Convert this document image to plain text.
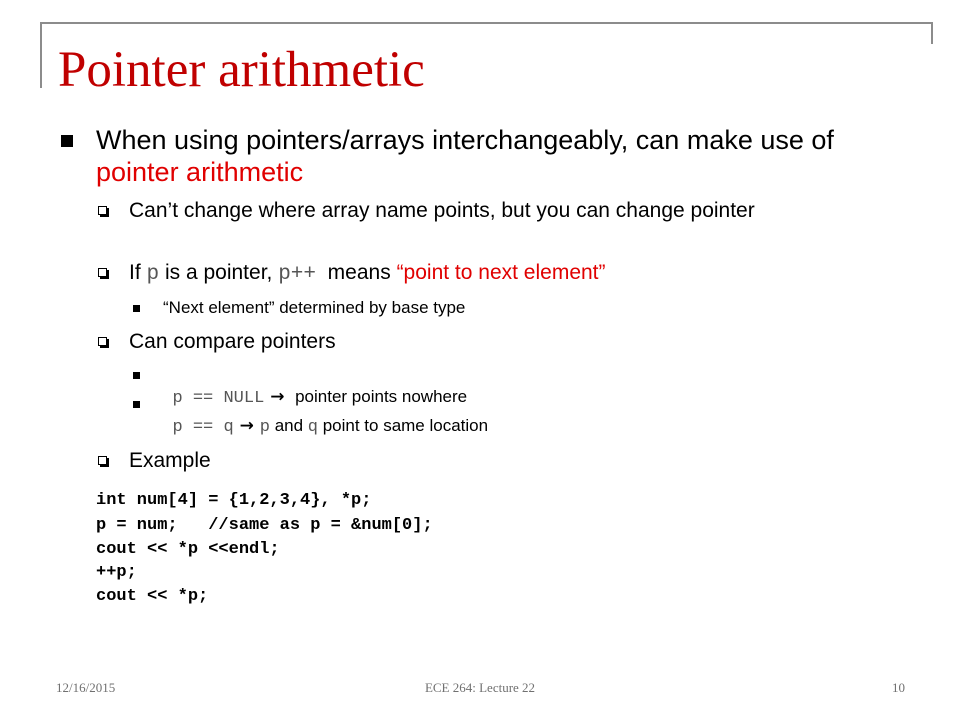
Pointer arithmetic
When using pointers/arrays interchangeably, can make use of pointer arithmetic
Can’t change where array name points, but you can change pointer
If p is a pointer, p++  means “point to next element”
“Next element” determined by base type
Can compare pointers

p == NULL →  pointer points nowhere

p == q → p and q point to same location

Example
int num[4] = {1,2,3,4}, *p;
p = num;   //same as p = &num[0];
cout << *p <<endl;
++p;
cout << *p;
12/16/2015	ECE 264: Lecture 22	10
